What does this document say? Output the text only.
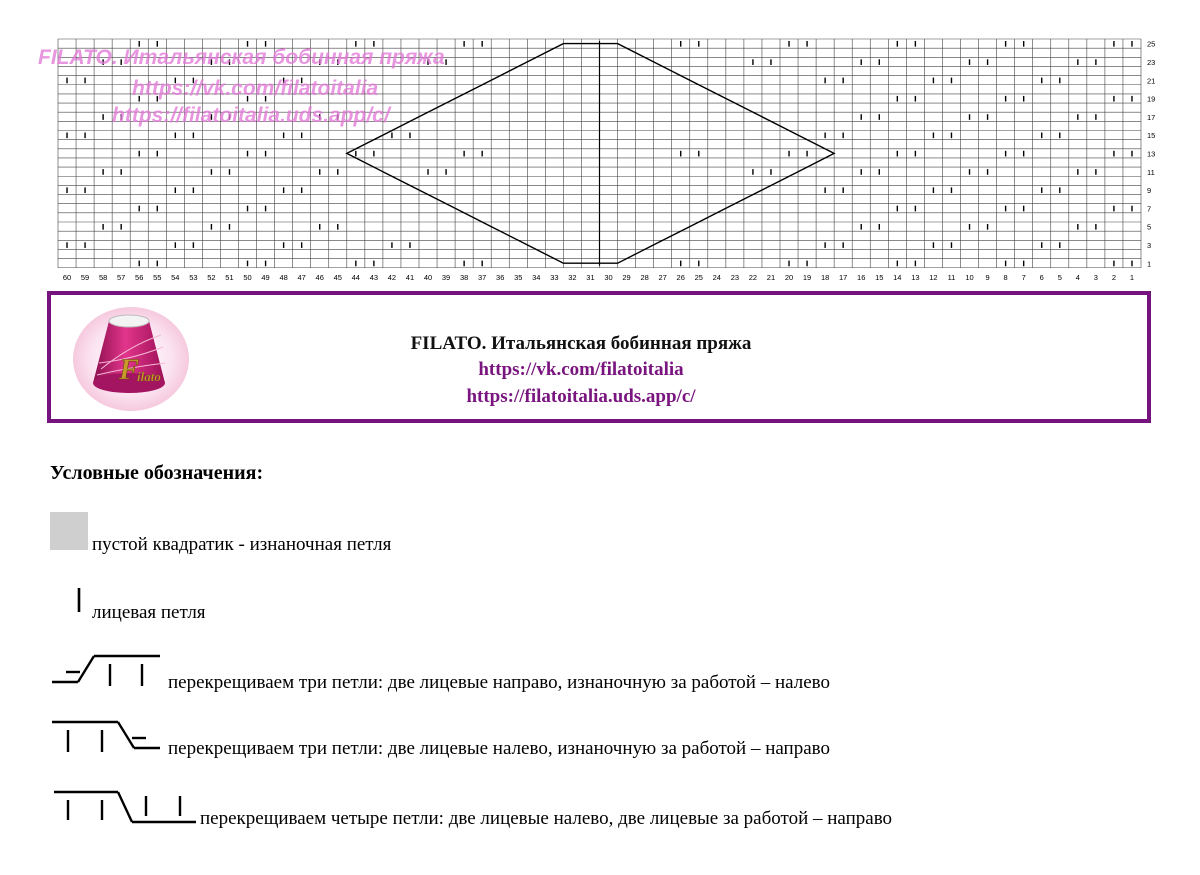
60 59 58 57 56 55 54 53 52 51 50 49 48 47 46 45 44 43 42 41 40 39 38 37 36 35 34 33 32 31 30 29 28 27 26 25 24 23 22 21 20 19 18 17 16 15 14 13 12 11 10 9 8 7 6 5 4 3 2 1
25
23
21
19
17
15
13
11
9
7
5
3
1
FILATO. Итальянская бобинная пряжа
https://vk.com/filatoitalia
https://filatoitalia.uds.app/c/
F
ilato
FILATO. Итальянская бобинная пряжа
https://vk.com/filatoitalia
https://filatoitalia.uds.app/c/
Условные обозначения:
пустой квадратик - изнаночная петля
лицевая петля
перекрещиваем три петли: две лицевые направо, изнаночную за работой – налево
перекрещиваем три петли: две лицевые налево, изнаночную за работой – направо
перекрещиваем четыре петли: две лицевые налево, две лицевые за работой – направо
